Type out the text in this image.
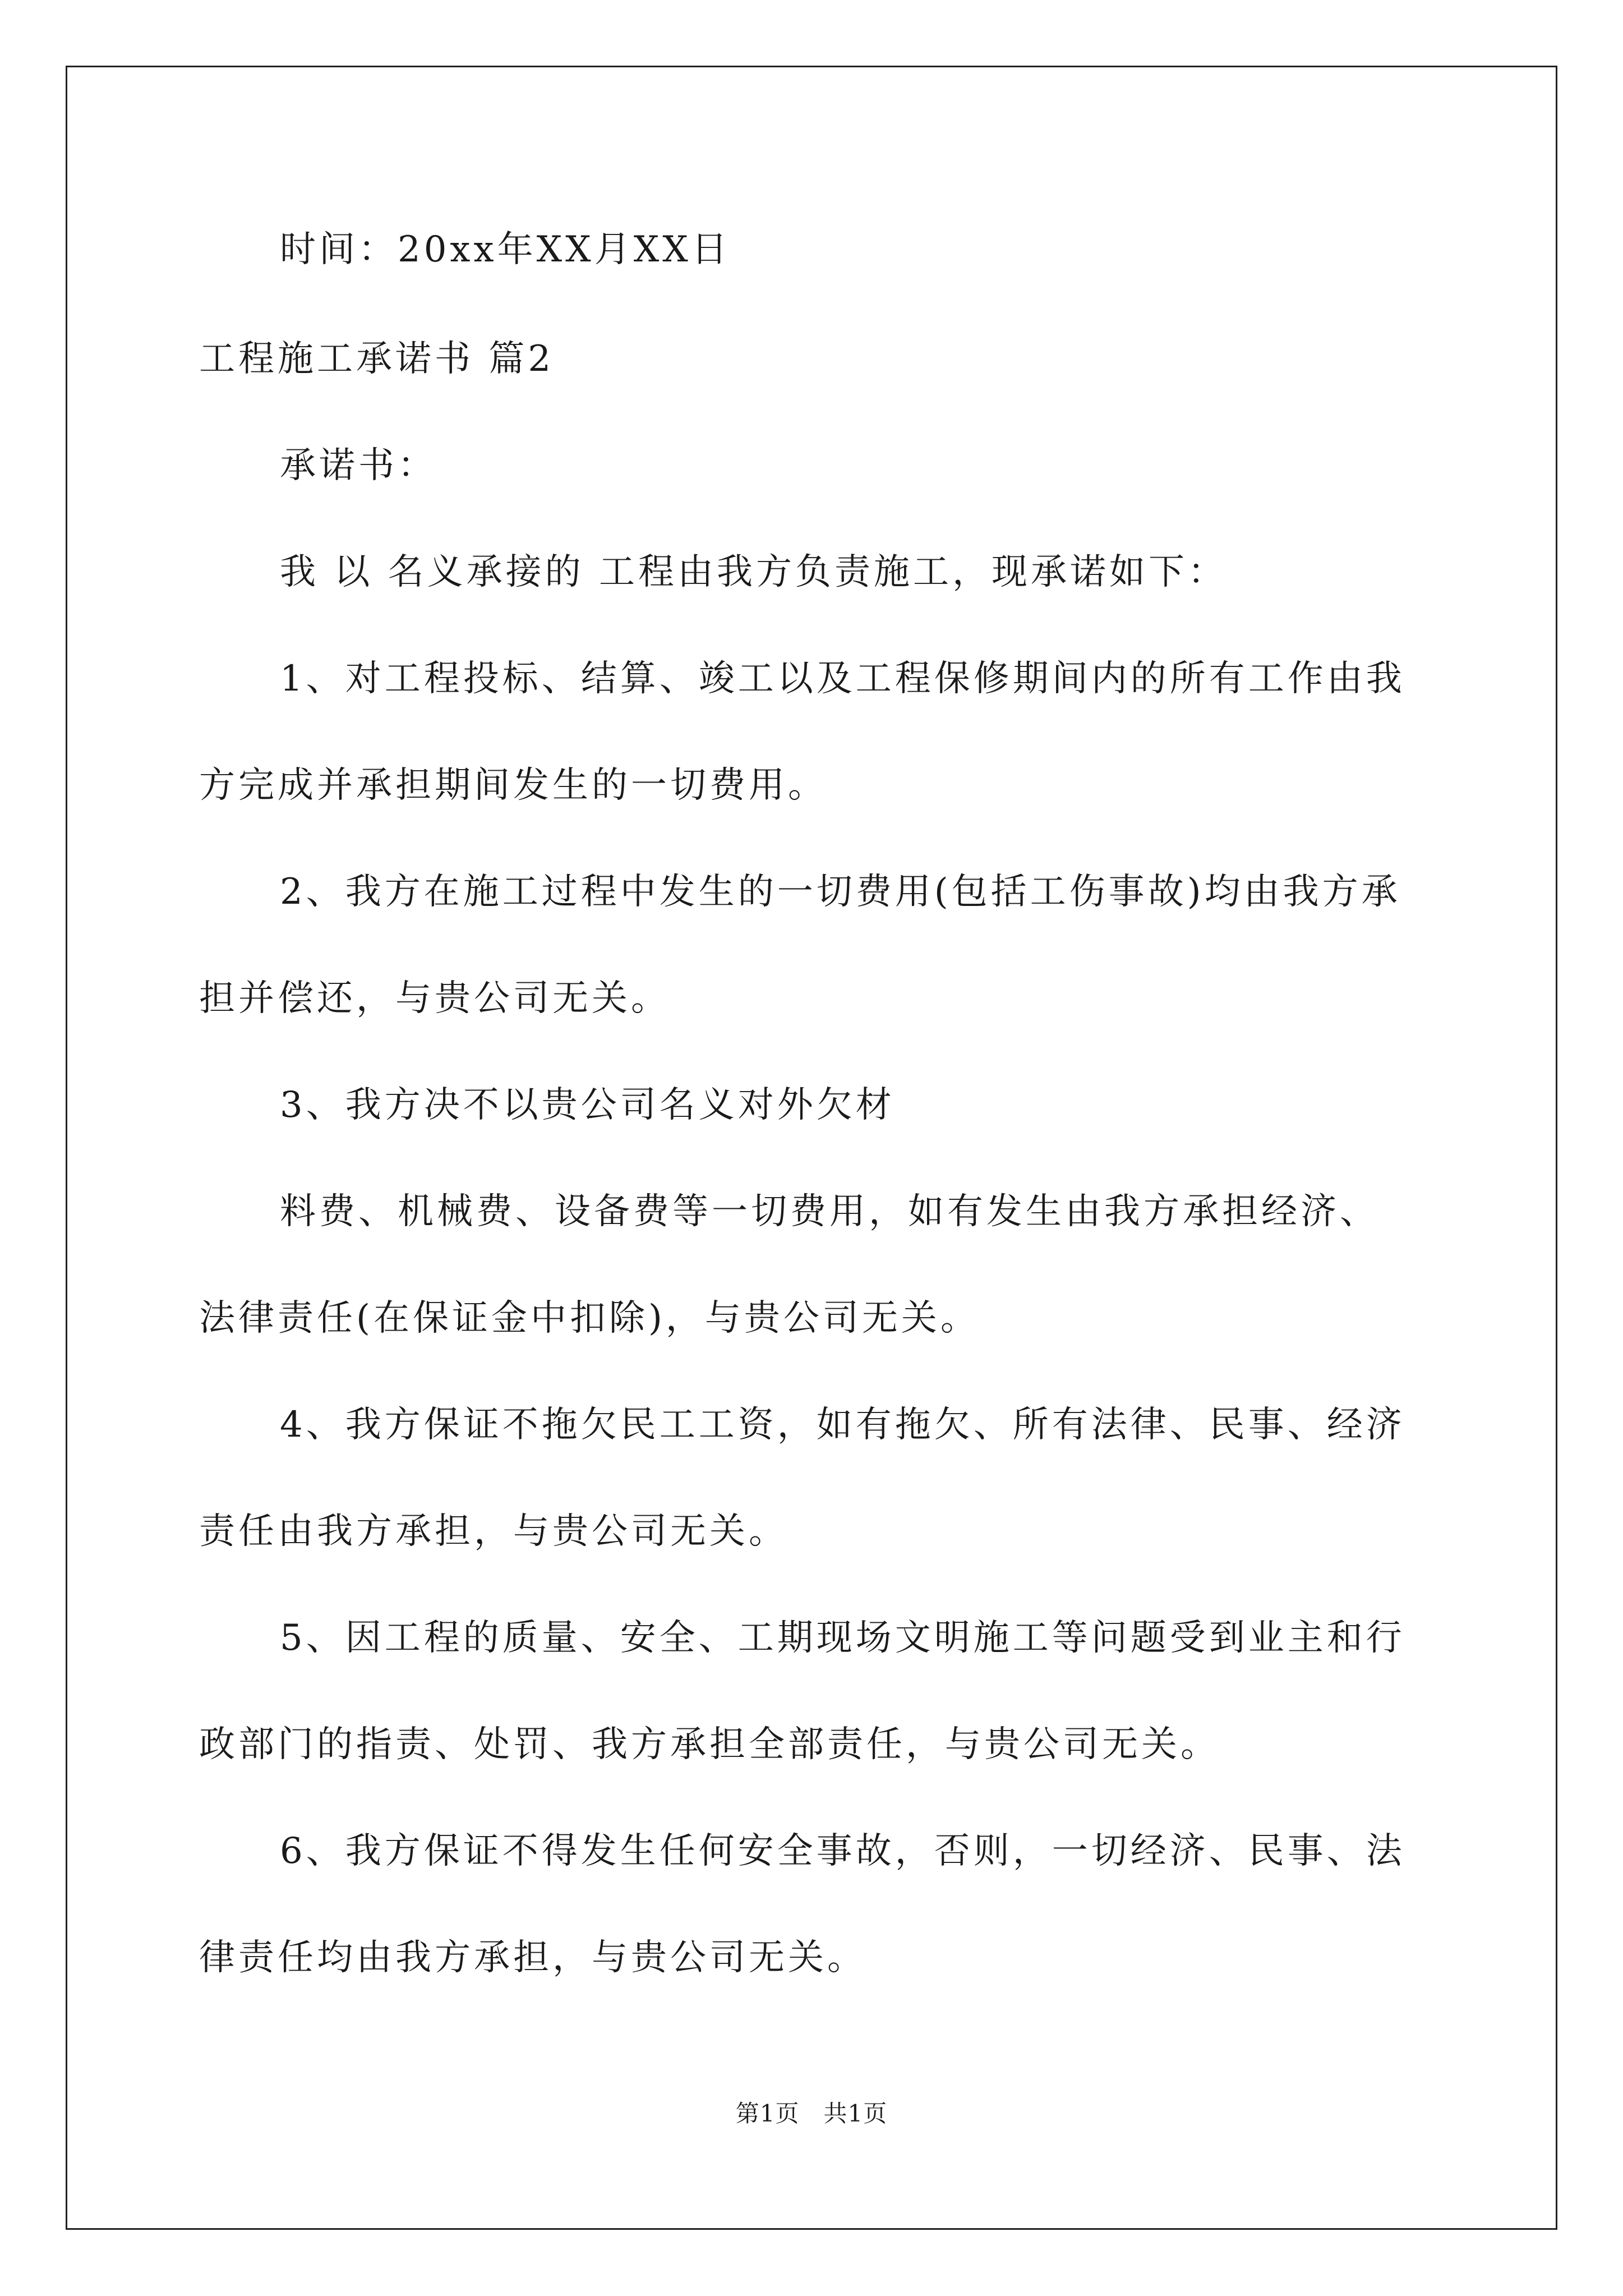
时间：20xx年XX月XX日
工程施工承诺书 篇2
承诺书：
我 以 名义承接的 工程由我方负责施工，现承诺如下：
1、对工程投标、结算、竣工以及工程保修期间内的所有工作由我
方完成并承担期间发生的一切费用。
2、我方在施工过程中发生的一切费用(包括工伤事故)均由我方承
担并偿还，与贵公司无关。
3、我方决不以贵公司名义对外欠材
料费、机械费、设备费等一切费用，如有发生由我方承担经济、
法律责任(在保证金中扣除)，与贵公司无关。
4、我方保证不拖欠民工工资，如有拖欠、所有法律、民事、经济
责任由我方承担，与贵公司无关。
5、因工程的质量、安全、工期现场文明施工等问题受到业主和行
政部门的指责、处罚、我方承担全部责任，与贵公司无关。
6、我方保证不得发生任何安全事故，否则，一切经济、民事、法
律责任均由我方承担，与贵公司无关。
第1页　共1页
